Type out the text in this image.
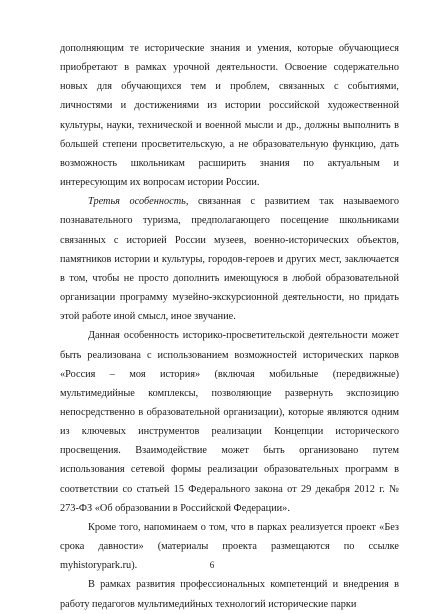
дополняющим те исторические знания и умения, которые обучающиеся приобретают в рамках урочной деятельности. Освоение содержательно новых для обучающихся тем и проблем, связанных с событиями, личностями и достижениями из истории российской художественной культуры, науки, технической и военной мысли и др., должны выполнить в большей степени просветительскую, а не образовательную функцию, дать возможность школьникам расширить знания по актуальным и интересующим их вопросам истории России.

Третья особенность, связанная с развитием так называемого познавательного туризма, предполагающего посещение школьниками связанных с историей России музеев, военно-исторических объектов, памятников истории и культуры, городов-героев и других мест, заключается в том, чтобы не просто дополнить имеющуюся в любой образовательной организации программу музейно-экскурсионной деятельности, но придать этой работе иной смысл, иное звучание.

Данная особенность историко-просветительской деятельности может быть реализована с использованием возможностей исторических парков «Россия – моя история» (включая мобильные (передвижные) мультимедийные комплексы, позволяющие развернуть экспозицию непосредственно в образовательной организации), которые являются одним из ключевых инструментов реализации Концепции исторического просвещения. Взаимодействие может быть организовано путем использования сетевой формы реализации образовательных программ в соответствии со статьей 15 Федерального закона от 29 декабря 2012 г. № 273-ФЗ «Об образовании в Российской Федерации».

Кроме того, напоминаем о том, что в парках реализуется проект «Без срока давности» (материалы проекта размещаются по ссылке myhistorypark.ru).

В рамках развития профессиональных компетенций и внедрения в работу педагогов мультимедийных технологий исторические парки

6
